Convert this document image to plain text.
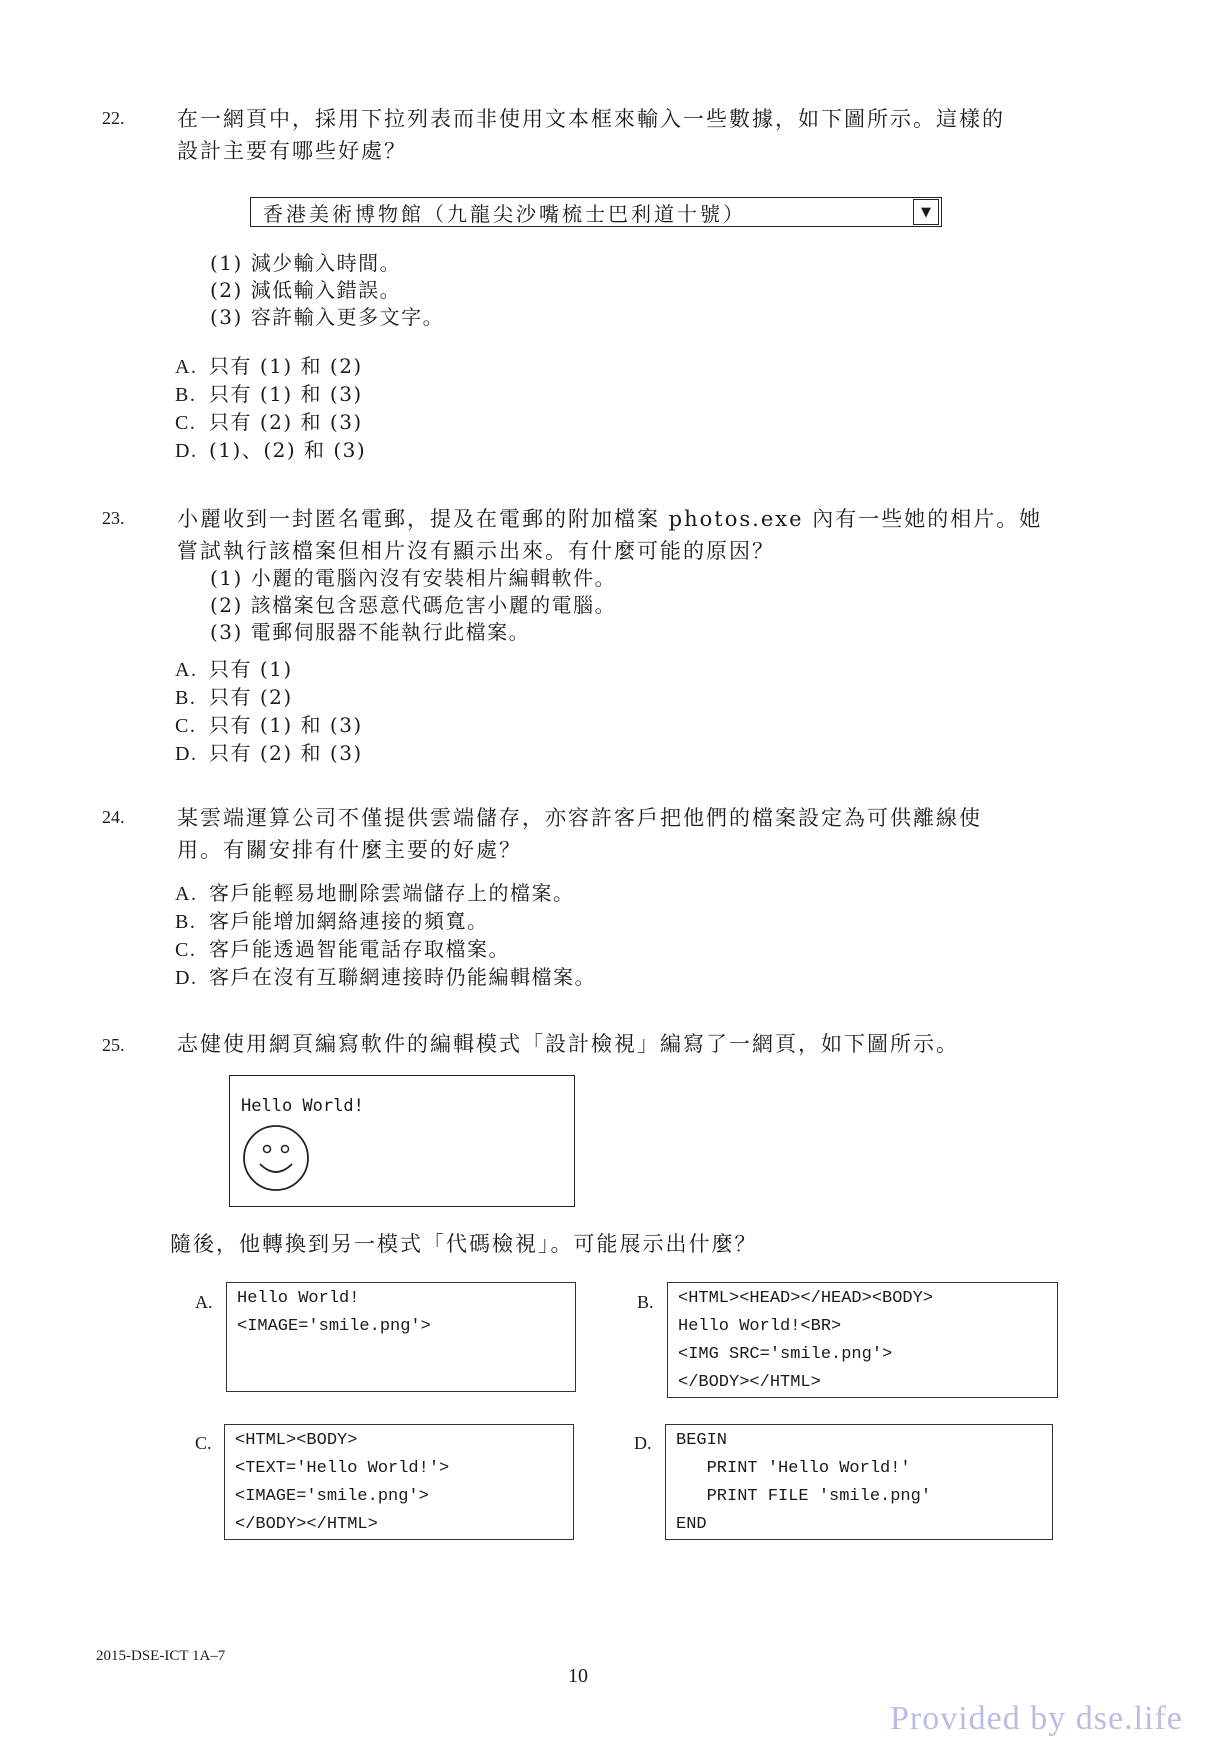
22.	在一網頁中，採用下拉列表而非使用文本框來輸入一些數據，如下圖所示。這樣的
設計主要有哪些好處？
香港美術博物館（九龍尖沙嘴梳士巴利道十號）	▼
(1) 減少輸入時間。
(2) 減低輸入錯誤。
(3) 容許輸入更多文字。
A. 只有 (1) 和 (2)
B. 只有 (1) 和 (3)
C. 只有 (2) 和 (3)
D. (1)、(2) 和 (3)
23.	小麗收到一封匿名電郵，提及在電郵的附加檔案 photos.exe 內有一些她的相片。她
嘗試執行該檔案但相片沒有顯示出來。有什麼可能的原因？
(1) 小麗的電腦內沒有安裝相片編輯軟件。
(2) 該檔案包含惡意代碼危害小麗的電腦。
(3) 電郵伺服器不能執行此檔案。
A. 只有 (1)
B. 只有 (2)
C. 只有 (1) 和 (3)
D. 只有 (2) 和 (3)
24.	某雲端運算公司不僅提供雲端儲存，亦容許客戶把他們的檔案設定為可供離線使
用。有關安排有什麼主要的好處？
A. 客戶能輕易地刪除雲端儲存上的檔案。
B. 客戶能增加網絡連接的頻寬。
C. 客戶能透過智能電話存取檔案。
D. 客戶在沒有互聯網連接時仍能編輯檔案。
25.	志健使用網頁編寫軟件的編輯模式「設計檢視」編寫了一網頁，如下圖所示。
Hello World!
隨後，他轉換到另一模式「代碼檢視」。可能展示出什麼？
A. Hello World!
<IMAGE='smile.png'>
B. <HTML><HEAD></HEAD><BODY>
Hello World!<BR>
<IMG SRC='smile.png'>
</BODY></HTML>
C. <HTML><BODY>
<TEXT='Hello World!'>
<IMAGE='smile.png'>
</BODY></HTML>
D. BEGIN
PRINT 'Hello World!'
PRINT FILE 'smile.png'
END
2015-DSE-ICT 1A–7
10
Provided by dse.life
